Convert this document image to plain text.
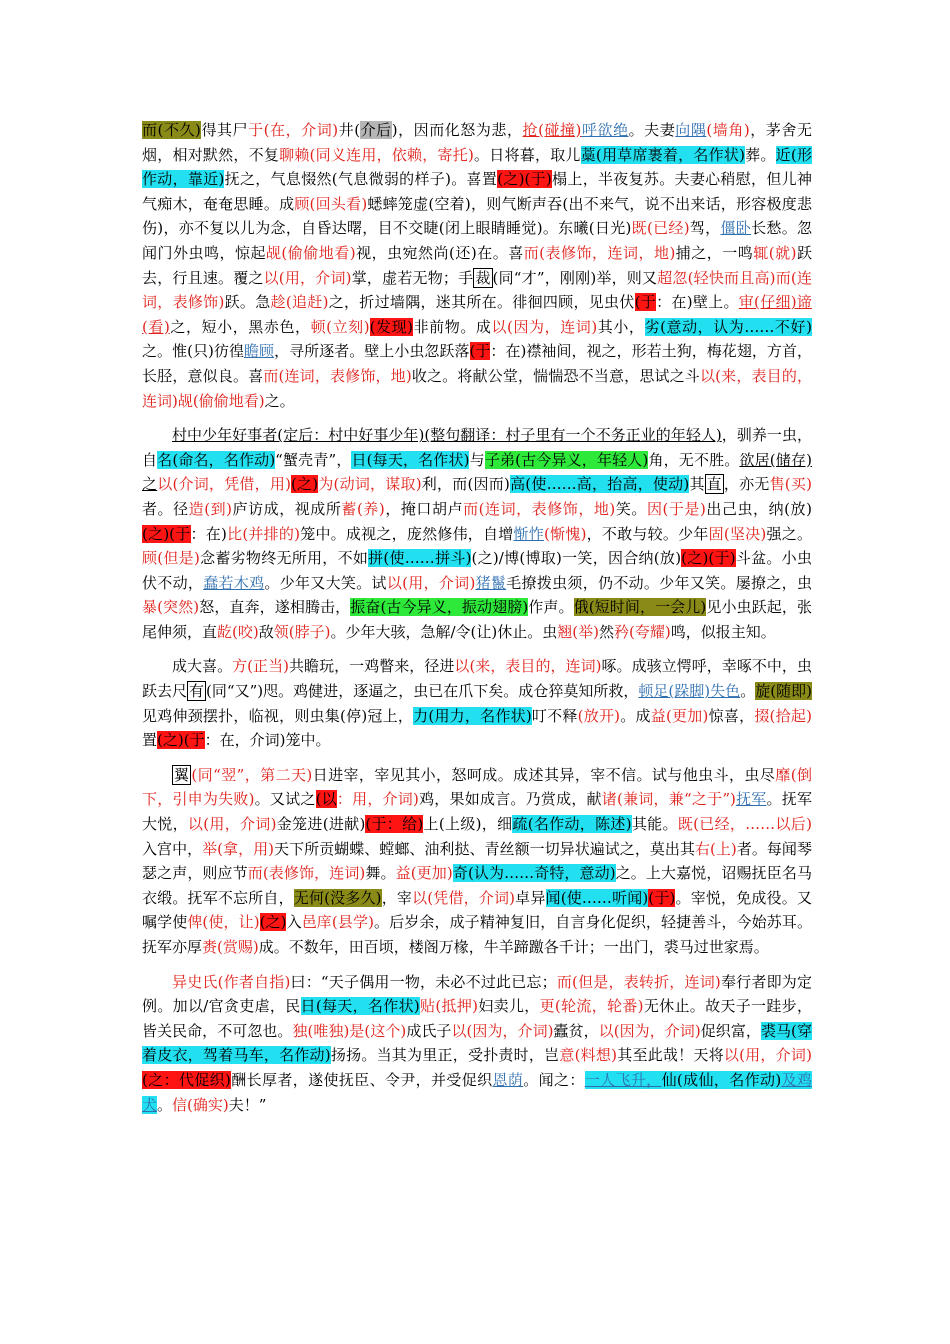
而(不久)得其尸于(在，介词)井(介后)，因而化怒为悲，抢(碰撞)呼欲绝。夫妻向隅(墙角)，茅舍无烟，相对默然，不复聊赖(同义连用，依赖，寄托)。日将暮，取儿藁(用草席裹着，名作状)葬。近(形作动，靠近)抚之，气息惙然(气息微弱的样子)。喜置(之)(于)榻上，半夜复苏。夫妻心稍慰，但儿神气痴木，奄奄思睡。成顾(回头看)蟋蟀笼虚(空着)，则气断声吞(出不来气，说不出来话，形容极度悲伤)，亦不复以儿为念，自昏达曙，目不交睫(闭上眼睛睡觉)。东曦(日光)既(已经)驾，僵卧长愁。忽闻门外虫鸣，惊起觇(偷偷地看)视，虫宛然尚(还)在。喜而(表修饰，连词，地)捕之，一鸣辄(就)跃去，行且速。覆之以(用，介词)掌，虚若无物；手 裁 (同“才”，刚刚)举，则又超忽(轻快而且高)而(连词，表修饰)跃。急趁(追赶)之，折过墙隅，迷其所在。徘徊四顾，见虫伏(于：在)壁上。审(仔细)谛(看)之，短小，黑赤色，顿(立刻)(发现)非前物。成以(因为，连词)其小，劣(意动，认为……不好)之。惟(只)彷徨瞻顾，寻所逐者。壁上小虫忽跃落(于：在)襟袖间，视之，形若土狗，梅花翅，方首，长胫，意似良。喜而(连词，表修饰，地)收之。将献公堂，惴惴恐不当意，思试之斗以(来，表目的，连词)觇(偷偷地看)之。

村中少年好事者(定后：村中好事少年)(整句翻译：村子里有一个不务正业的年轻人)，驯养一虫，自名(命名，名作动)“蟹壳青”，日(每天，名作状)与子弟(古今异义，年轻人)角，无不胜。欲居(储存)之以(介词，凭借，用)(之)为(动词，谋取)利，而(因而)高(使……高，抬高，使动)其 直 ，亦无售(买)者。径造(到)庐访成，视成所蓄(养)，掩口胡卢而(连词，表修饰，地)笑。因(于是)出己虫，纳(放)(之)(于：在)比(并排的)笼中。成视之，庞然修伟，自增惭怍(惭愧)，不敢与较。少年固(坚决)强之。顾(但是)念蓄劣物终无所用，不如拼(使……拼斗)(之)/博(博取)一笑，因合纳(放)(之)(于)斗盆。小虫伏不动，蠢若木鸡。少年又大笑。试以(用，介词)猪鬣毛撩拨虫须，仍不动。少年又笑。屡撩之，虫暴(突然)怒，直奔，遂相腾击，振奋(古今异义，振动翅膀)作声。俄(短时间，一会儿)见小虫跃起，张尾伸须，直龁(咬)敌领(脖子)。少年大骇，急解/令(让)休止。虫翘(举)然矜(夸耀)鸣，似报主知。

成大喜。方(正当)共瞻玩，一鸡瞥来，径进以(来，表目的，连词)啄。成骇立愕呼，幸啄不中，虫跃去尺 有 (同“又”)咫。鸡健进，逐逼之，虫已在爪下矣。成仓猝莫知所救，顿足(跺脚)失色。旋(随即)见鸡伸颈摆扑，临视，则虫集(停)冠上，力(用力，名作状)叮不释(放开)。成益(更加)惊喜，掇(拾起)置(之)(于：在，介词)笼中。

翼 (同“翌”，第二天)日进宰，宰见其小，怒呵成。成述其异，宰不信。试与他虫斗，虫尽靡(倒下，引申为失败)。又试之(以：用，介词)鸡，果如成言。乃赏成，献诸(兼词，兼“之于”)抚军。抚军大悦，以(用，介词)金笼进(进献)(于：给)上(上级)，细疏(名作动，陈述)其能。既(已经，……以后)入宫中，举(拿，用)天下所贡蝴蝶、螳螂、油利挞、青丝额一切异状遍试之，莫出其右(上)者。每闻琴瑟之声，则应节而(表修饰，连词)舞。益(更加)奇(认为……奇特，意动)之。上大嘉悦，诏赐抚臣名马衣缎。抚军不忘所自，无何(没多久)，宰以(凭借，介词)卓异闻(使……听闻)(于)。宰悦，免成役。又嘱学使俾(使，让)(之)入邑庠(县学)。后岁余，成子精神复旧，自言身化促织，轻捷善斗，今始苏耳。抚军亦厚赉(赏赐)成。不数年，田百顷，楼阁万椽，牛羊蹄躈各千计；一出门，裘马过世家焉。

异史氏(作者自指)曰：“天子偶用一物，未必不过此已忘；而(但是，表转折，连词)奉行者即为定例。加以/官贪吏虐，民日(每天，名作状)贴(抵押)妇卖儿，更(轮流，轮番)无休止。故天子一跬步，皆关民命，不可忽也。独(唯独)是(这个)成氏子以(因为，介词)蠹贫，以(因为，介词)促织富，裘马(穿着皮衣，驾着马车，名作动)扬扬。当其为里正，受扑责时，岂意(料想)其至此哉！天将以(用，介词)(之：代促织)酬长厚者，遂使抚臣、令尹，并受促织恩荫。闻之：一人飞升，仙(成仙，名作动)及鸡犬。信(确实)夫！”
